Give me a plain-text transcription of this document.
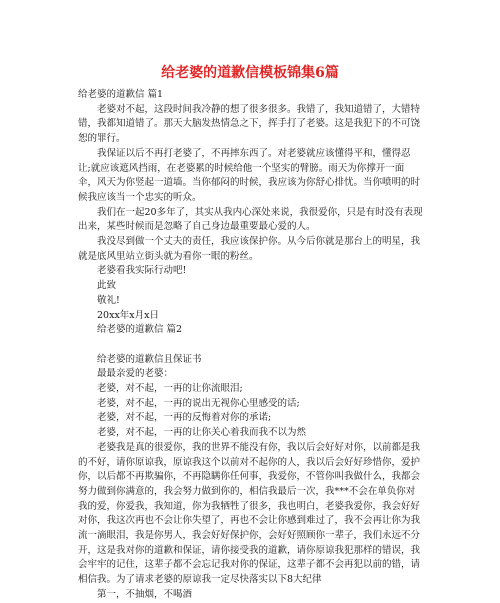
给老婆的道歉信模板锦集6篇

给老婆的道歉信 篇1

老婆对不起，这段时间我冷静的想了很多很多。我错了，我知道错了，大错特错，我都知道错了。那天大脑发热情急之下，挥手打了老婆。这是我犯下的不可饶恕的罪行。

我保证以后不再打老婆了，不再摔东西了。对老婆就应该懂得平和，懂得忍让;就应该遮风挡雨，在老婆累的时候给他一个坚实的臂膀。雨天为你撑开一面伞，风天为你竖起一道墙。当你郁闷的时候，我应该为你舒心排忧。当你喷明的时候我应该当一个忠实的听众。

我们在一起20多年了，其实从我内心深处来说，我很爱你，只是有时没有表现出来，某些时候而是忽略了自己身边最重要最心爱的人。

我没尽到做一个丈夫的责任，我应该保护你。从今后你就是那台上的明星，我就是底风里站立街头就为看你一眼的粉丝。

老婆看我实际行动吧!

此致

敬礼!

20xx年x月x日

给老婆的道歉信 篇2

给老婆的道歉信且保证书

最最亲爱的老婆：

老婆，对不起，一再的让你流眼泪;

老婆，对不起，一再的说出无视你心里感受的话;

老婆，对不起，一再的反悔着对你的承诺;

老婆，对不起，一再的让你关心着我而我不以为然

老婆我是真的很爱你，我的世界不能没有你，我以后会好好对你，以前都是我的不好，请你原谅我，原谅我这个以前对不起你的人，我以后会好好珍惜你，爱护你，以后都不再欺骗你，不再隐瞒你任何事，我爱你，不管你叫我做什么，我都会努力做到你满意的，我会努力做到你的，相信我最后一次，我***不会在单负你对我的爱，你爱我，我知道，你为我牺牲了很多，我也明白，老婆我爱你，我会好好对你，我这次再也不会让你失望了，再也不会让你感到难过了，我不会再让你为我流一滴眼泪，我是你男人，我会好好保护你，会好好照顾你一辈子，我们永远不分开，这是我对你的道歉和保证，请你接受我的道歉，请你原谅我犯那样的错误，我会牢牢的记住，这辈子都不会忘记我对你的保证，这辈子都不会再犯以前的错，请相信我。为了请求老婆的原谅我一定尽快落实以下8大纪律

第一，不抽烟，不喝酒
